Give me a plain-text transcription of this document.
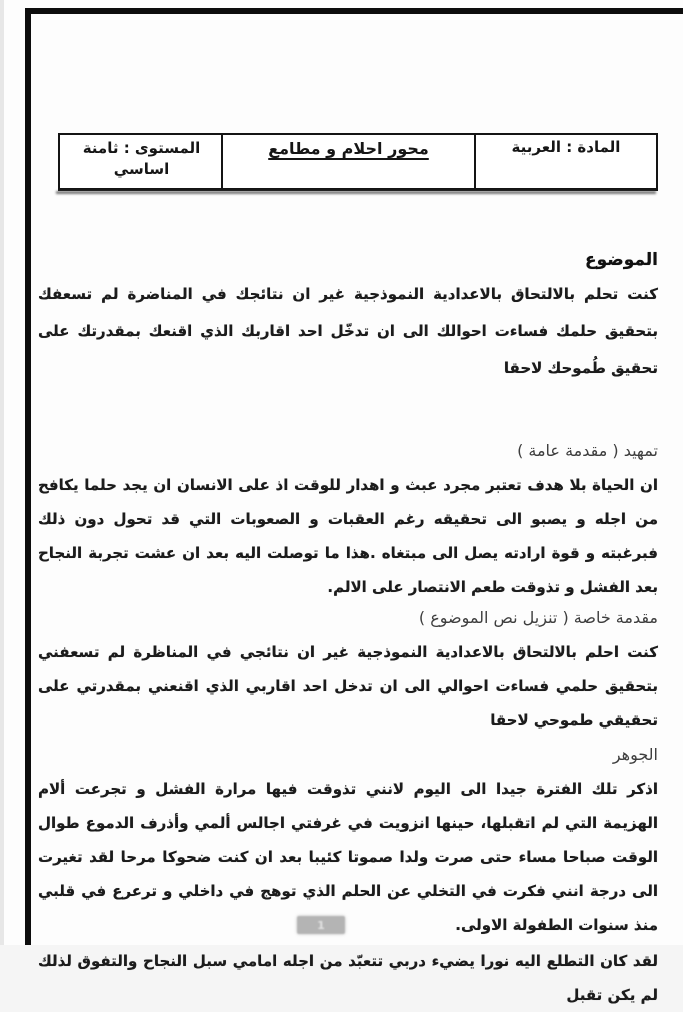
المادة : العربية
محور احلام و مطامع
المستوى : ثامنة
اساسي
الموضوع

كنت تحلم بالالتحاق بالاعدادية النموذجية غير ان نتائجك في المناضرة لم تسعفك بتحقيق حلمك فساءت احوالك الى ان تدخّل احد اقاربك الذي اقنعك بمقدرتك على تحقيق طُموحك لاحقا

تمهيد ( مقدمة عامة )

ان الحياة بلا هدف تعتبر مجرد عبث و اهدار للوقت اذ على الانسان ان يجد حلما يكافح من اجله و يصبو الى تحقيقه رغم العقبات و الصعوبات التي قد تحول دون ذلك فبرغبته و قوة ارادته يصل الى مبتغاه .هذا ما توصلت اليه بعد ان عشت تجربة النجاح بعد الفشل و تذوقت طعم الانتصار على الالم.

مقدمة خاصة ( تنزيل نص الموضوع )

كنت احلم بالالتحاق بالاعدادية النموذجية غير ان نتائجي في المناظرة لم تسعفني بتحقيق حلمي فساءت احوالي الى ان تدخل احد اقاربي الذي اقنعني بمقدرتي على تحقيقي طموحي لاحقا

الجوهر

اذكر تلك الفترة جيدا الى اليوم لانني تذوقت فيها مرارة الفشل و تجرعت ألام الهزيمة التي لم اتقبلها، حينها انزويت في غرفتي اجالس ألمي وأذرف الدموع طوال الوقت صباحا مساء حتى صرت ولدا صموتا كئيبا بعد ان كنت ضحوكا مرحا لقد تغيرت الى درجة انني فكرت في التخلي عن الحلم الذي توهج في داخلي و ترعرع في قلبي منذ سنوات الطفولة الاولى.

لقد كان التطلع اليه نورا يضيء دربي تتعبّد من اجله امامي سبل النجاح والتفوق لذلك لم يكن تقبل

1
